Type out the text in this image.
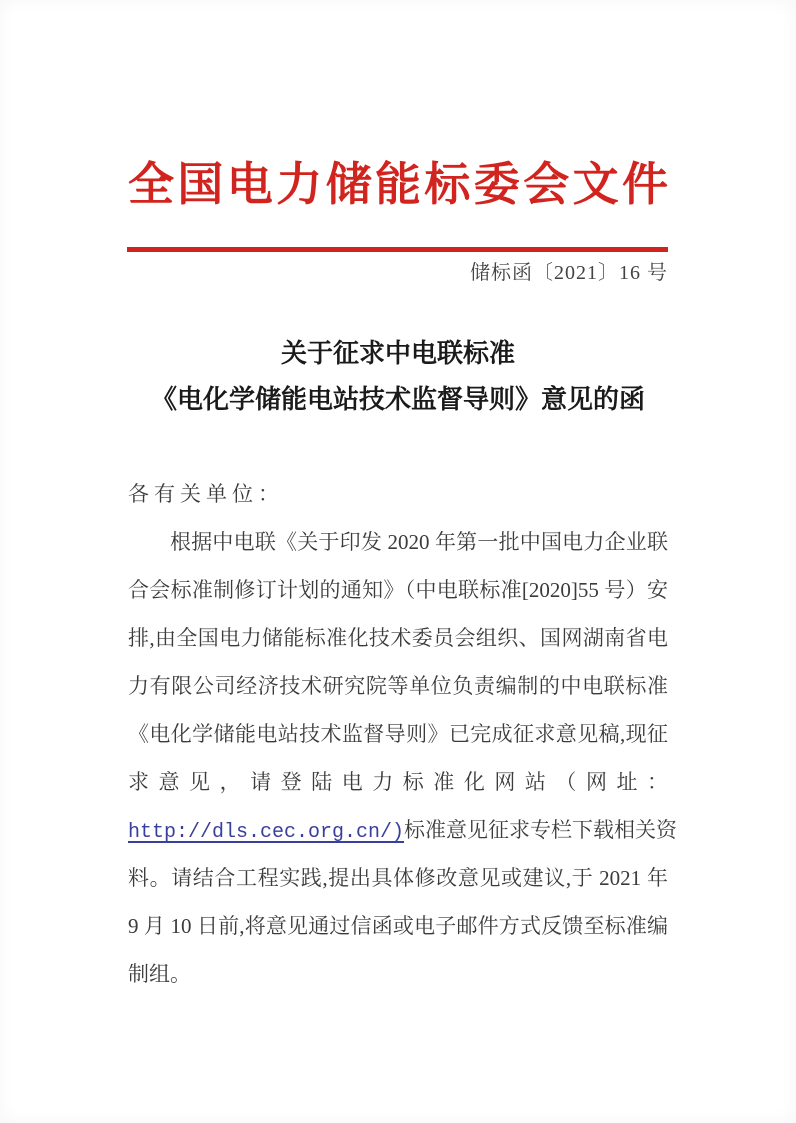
全国电力储能标委会文件
储标函〔2021〕16 号
关于征求中电联标准
《电化学储能电站技术监督导则》意见的函
各有关单位：
根据中电联《关于印发 2020 年第一批中国电力企业联
合会标准制修订计划的通知》（中电联标准[2020]55 号）安
排,由全国电力储能标准化技术委员会组织、国网湖南省电
力有限公司经济技术研究院等单位负责编制的中电联标准
《电化学储能电站技术监督导则》已完成征求意见稿,现征
求意见，请登陆电力标准化网站（网址：
http://dls.cec.org.cn/)标准意见征求专栏下载相关资
料。请结合工程实践,提出具体修改意见或建议,于 2021 年
9 月 10 日前,将意见通过信函或电子邮件方式反馈至标准编
制组。
